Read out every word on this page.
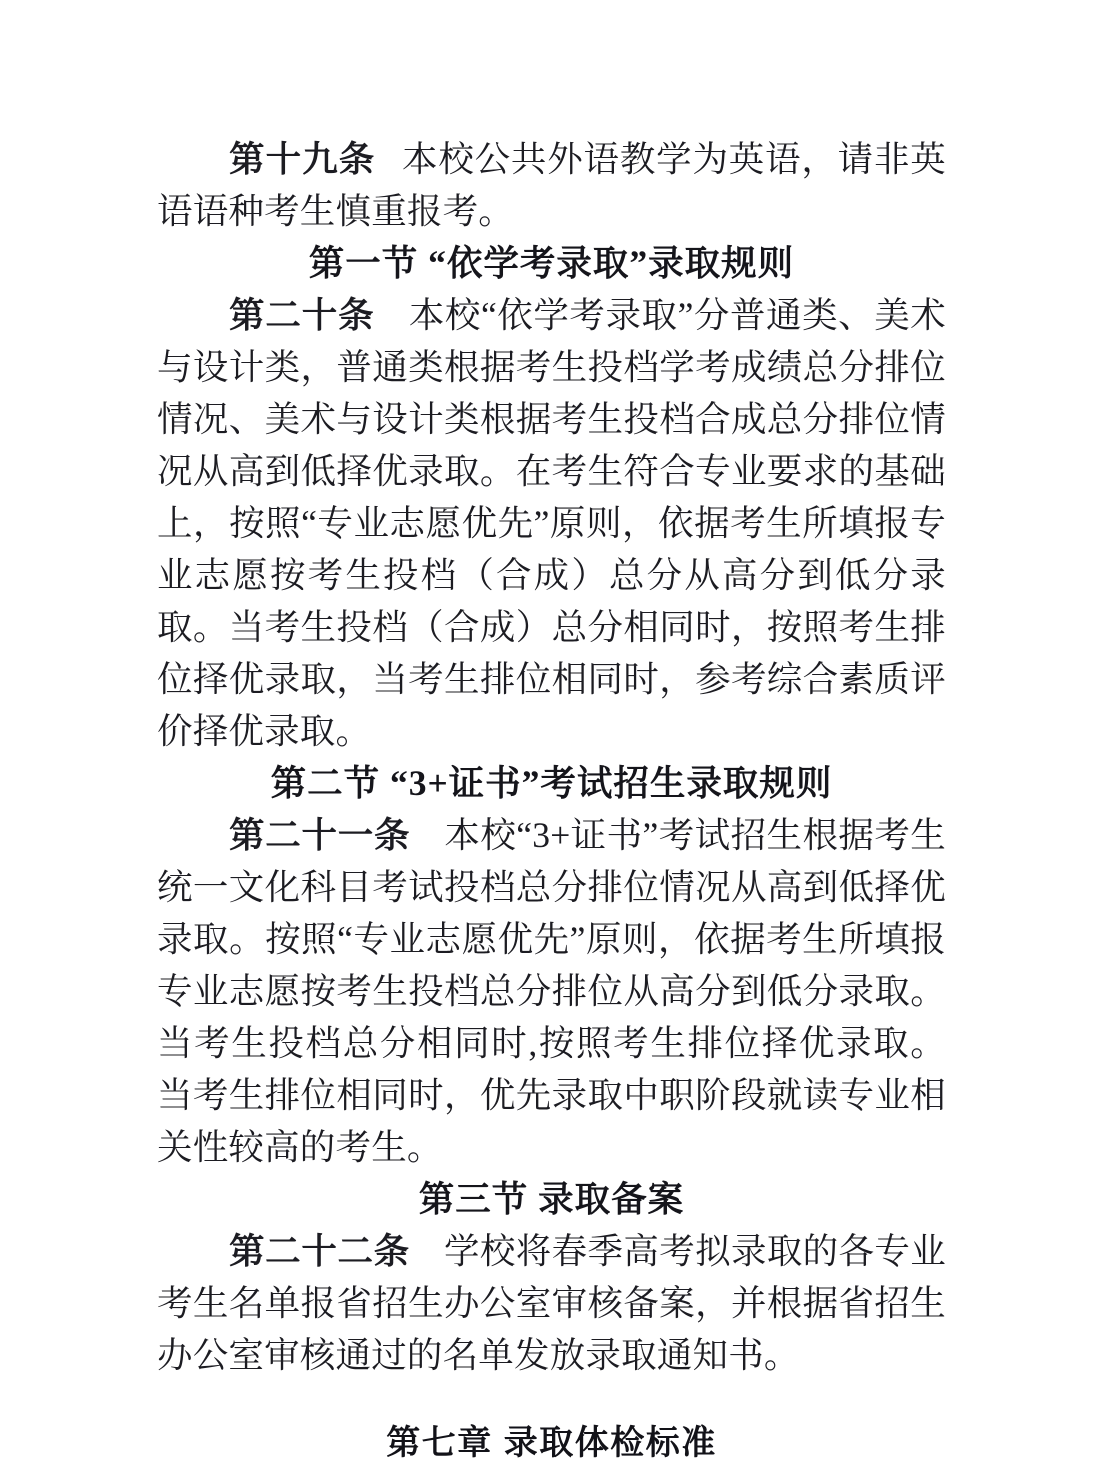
第十九条 本校公共外语教学为英语，请非英语语种考生慎重报考。

第一节 “依学考录取”录取规则

第二十条 本校“依学考录取”分普通类、美术与设计类，普通类根据考生投档学考成绩总分排位情况、美术与设计类根据考生投档合成总分排位情况从高到低择优录取。在考生符合专业要求的基础上，按照“专业志愿优先”原则，依据考生所填报专业志愿按考生投档（合成）总分从高分到低分录取。当考生投档（合成）总分相同时，按照考生排位择优录取，当考生排位相同时，参考综合素质评价择优录取。

第二节 “3+证书”考试招生录取规则

第二十一条 本校“3+证书”考试招生根据考生统一文化科目考试投档总分排位情况从高到低择优录取。按照“专业志愿优先”原则，依据考生所填报专业志愿按考生投档总分排位从高分到低分录取。 当考生投档总分相同时,按照考生排位择优录取。当考生排位相同时，优先录取中职阶段就读专业相关性较高的考生。

第三节 录取备案

第二十二条 学校将春季高考拟录取的各专业考生名单报省招生办公室审核备案，并根据省招生办公室审核通过的名单发放录取通知书。

第七章 录取体检标准
